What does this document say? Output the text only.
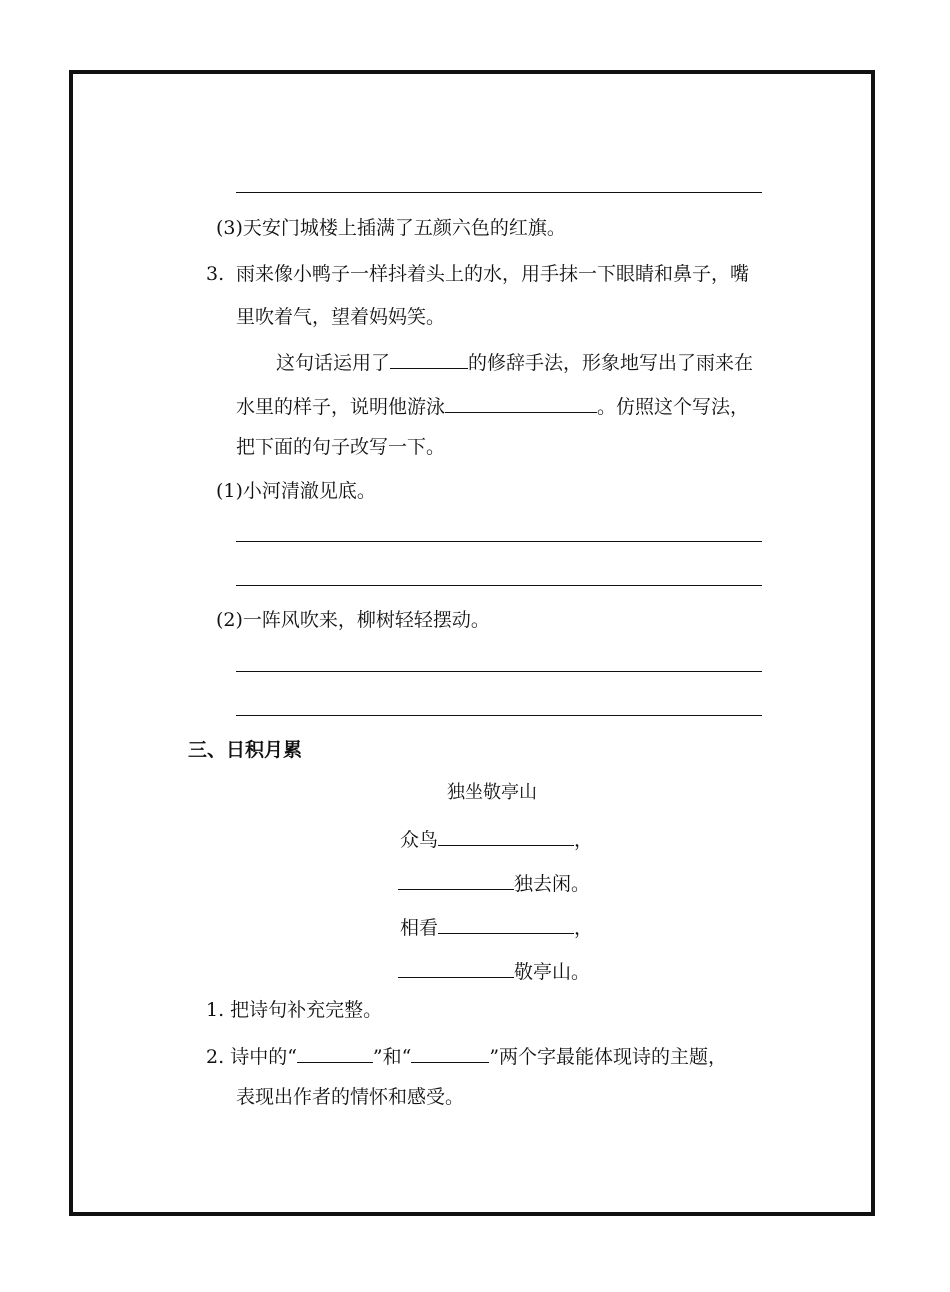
(3)天安门城楼上插满了五颜六色的红旗。
3. 雨来像小鸭子一样抖着头上的水，用手抹一下眼睛和鼻子，嘴
里吹着气，望着妈妈笑。
这句话运用了	的修辞手法，形象地写出了雨来在
水里的样子，说明他游泳	。仿照这个写法，
把下面的句子改写一下。
(1)小河清澈见底。
(2)一阵风吹来，柳树轻轻摆动。
三、日积月累
独坐敬亭山
众鸟	，
独去闲。
相看	，
敬亭山。
1. 把诗句补充完整。
2. 诗中的“	”和“	”两个字最能体现诗的主题，
表现出作者的情怀和感受。
